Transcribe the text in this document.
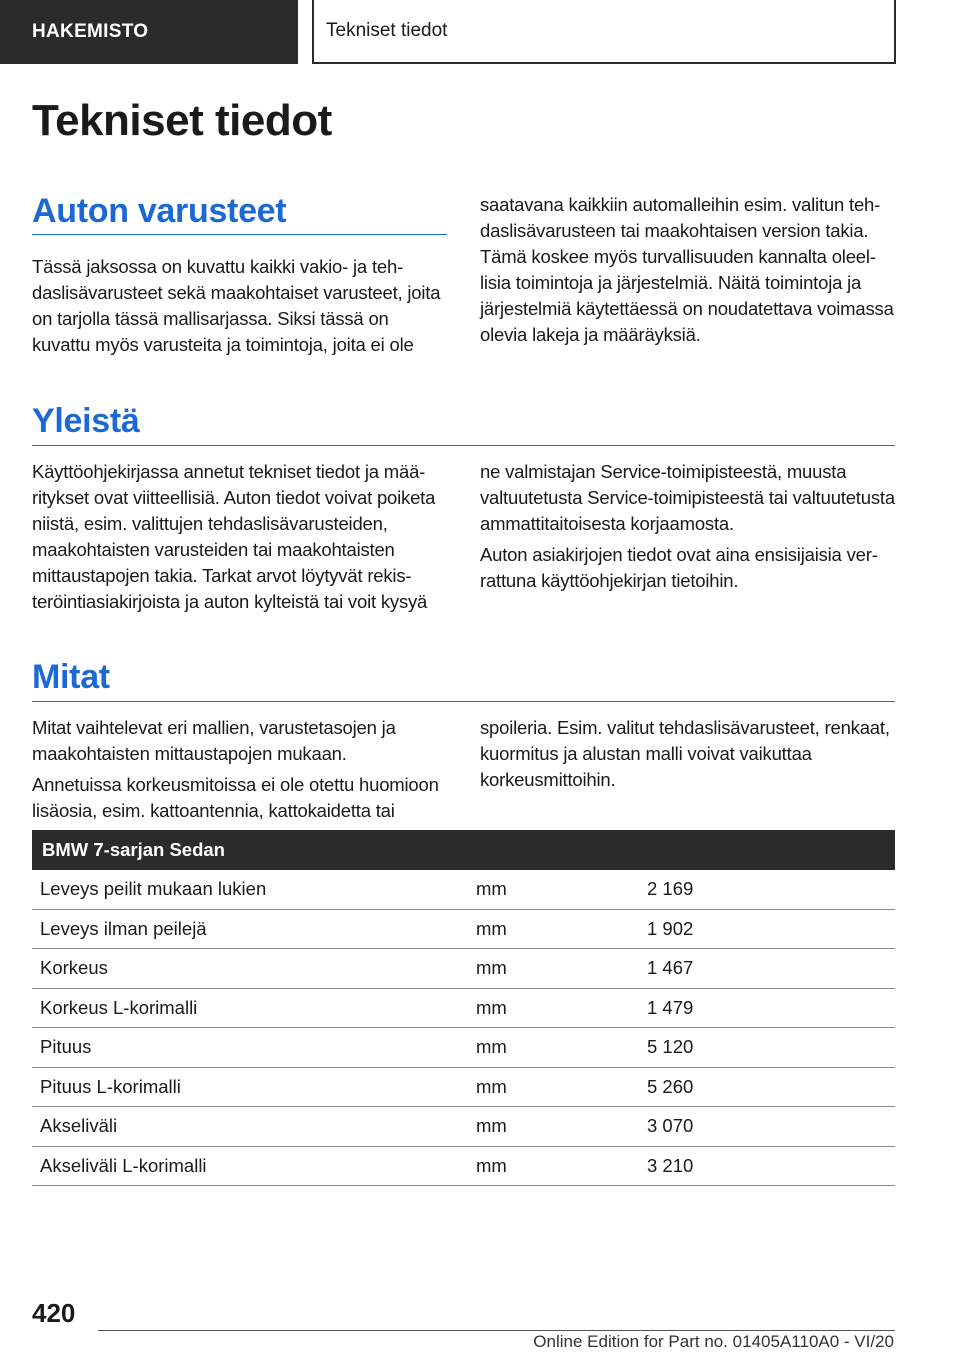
HAKEMISTO	Tekniset tiedot
Tekniset tiedot
Auton varusteet

Tässä jaksossa on kuvattu kaikki vakio- ja tehdaslisävarusteet sekä maakohtaiset varusteet, joita on tarjolla tässä mallisarjassa. Siksi tässä on kuvattu myös varusteita ja toimintoja, joita ei ole

saatavana kaikkiin automalleihin esim. valitun tehdaslisävarusteen tai maakohtaisen version takia. Tämä koskee myös turvallisuuden kannalta oleellisia toimintoja ja järjestelmiä. Näitä toimintoja ja järjestelmiä käytettäessä on noudatettava voimassa olevia lakeja ja määräyksiä.

Yleistä

Käyttöohjekirjassa annetut tekniset tiedot ja määritykset ovat viitteellisiä. Auton tiedot voivat poiketa niistä, esim. valittujen tehdaslisävarusteiden, maakohtaisten varusteiden tai maakohtaisten mittaustapojen takia. Tarkat arvot löytyvät rekisteröintiasiakirjoista ja auton kylteistä tai voit kysyä

ne valmistajan Service-toimipisteestä, muusta valtuutetusta Service-toimipisteestä tai valtuutetusta ammattitaitoisesta korjaamosta.

Auton asiakirjojen tiedot ovat aina ensisijaisia verrattuna käyttöohjekirjan tietoihin.

Mitat

Mitat vaihtelevat eri mallien, varustetasojen ja maakohtaisten mittaustapojen mukaan.

Annetuissa korkeusmitoissa ei ole otettu huomioon lisäosia, esim. kattoantennia, kattokaidetta tai

spoileria. Esim. valitut tehdaslisävarusteet, renkaat, kuormitus ja alustan malli voivat vaikuttaa korkeusmittoihin.

BMW 7-sarjan Sedan		
Leveys peilit mukaan lukien	mm	2 169
Leveys ilman peilejä	mm	1 902
Korkeus	mm	1 467
Korkeus L-korimalli	mm	1 479
Pituus	mm	5 120
Pituus L-korimalli	mm	5 260
Akseliväli	mm	3 070
Akseliväli L-korimalli	mm	3 210
420
Online Edition for Part no. 01405A110A0 - VI/20
